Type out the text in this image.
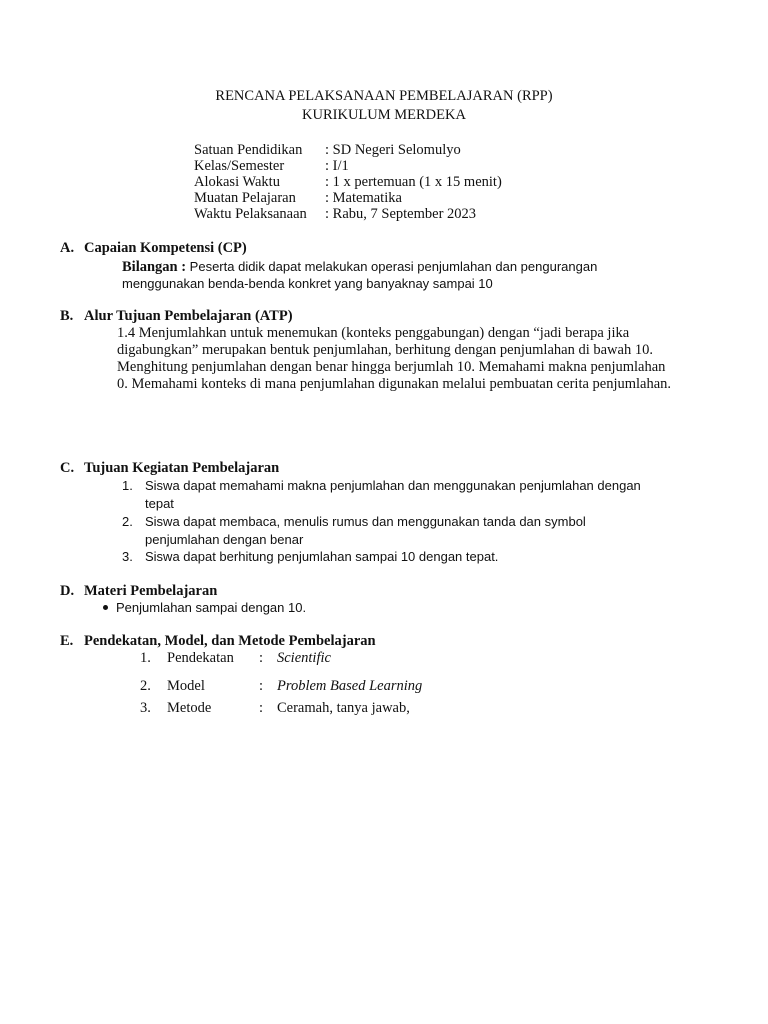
RENCANA PELAKSANAAN PEMBELAJARAN (RPP)
KURIKULUM MERDEKA
Satuan Pendidikan : SD Negeri Selomulyo
Kelas/Semester	: I/1
Alokasi Waktu	: 1 x pertemuan (1 x 15 menit)
Muatan Pelajaran : Matematika
Waktu Pelaksanaan : Rabu, 7 September 2023
A. Capaian Kompetensi (CP)
Bilangan : Peserta didik dapat melakukan operasi penjumlahan dan pengurangan
menggunakan benda-benda konkret yang banyaknay sampai 10
B. Alur Tujuan Pembelajaran (ATP)
1.4 Menjumlahkan untuk menemukan (konteks penggabungan) dengan “jadi berapa jika
digabungkan” merupakan bentuk penjumlahan, berhitung dengan penjumlahan di bawah 10.
Menghitung penjumlahan dengan benar hingga berjumlah 10. Memahami makna penjumlahan
0. Memahami konteks di mana penjumlahan digunakan melalui pembuatan cerita penjumlahan.
C. Tujuan Kegiatan Pembelajaran
1. Siswa dapat memahami makna penjumlahan dan menggunakan penjumlahan dengan
tepat
2. Siswa dapat membaca, menulis rumus dan menggunakan tanda dan symbol
penjumlahan dengan benar
3. Siswa dapat berhitung penjumlahan sampai 10 dengan tepat.
D. Materi Pembelajaran
Penjumlahan sampai dengan 10.
E. Pendekatan, Model, dan Metode Pembelajaran
1. Pendekatan : Scientific
2. Model	: Problem Based Learning
3. Metode	: Ceramah, tanya jawab,
